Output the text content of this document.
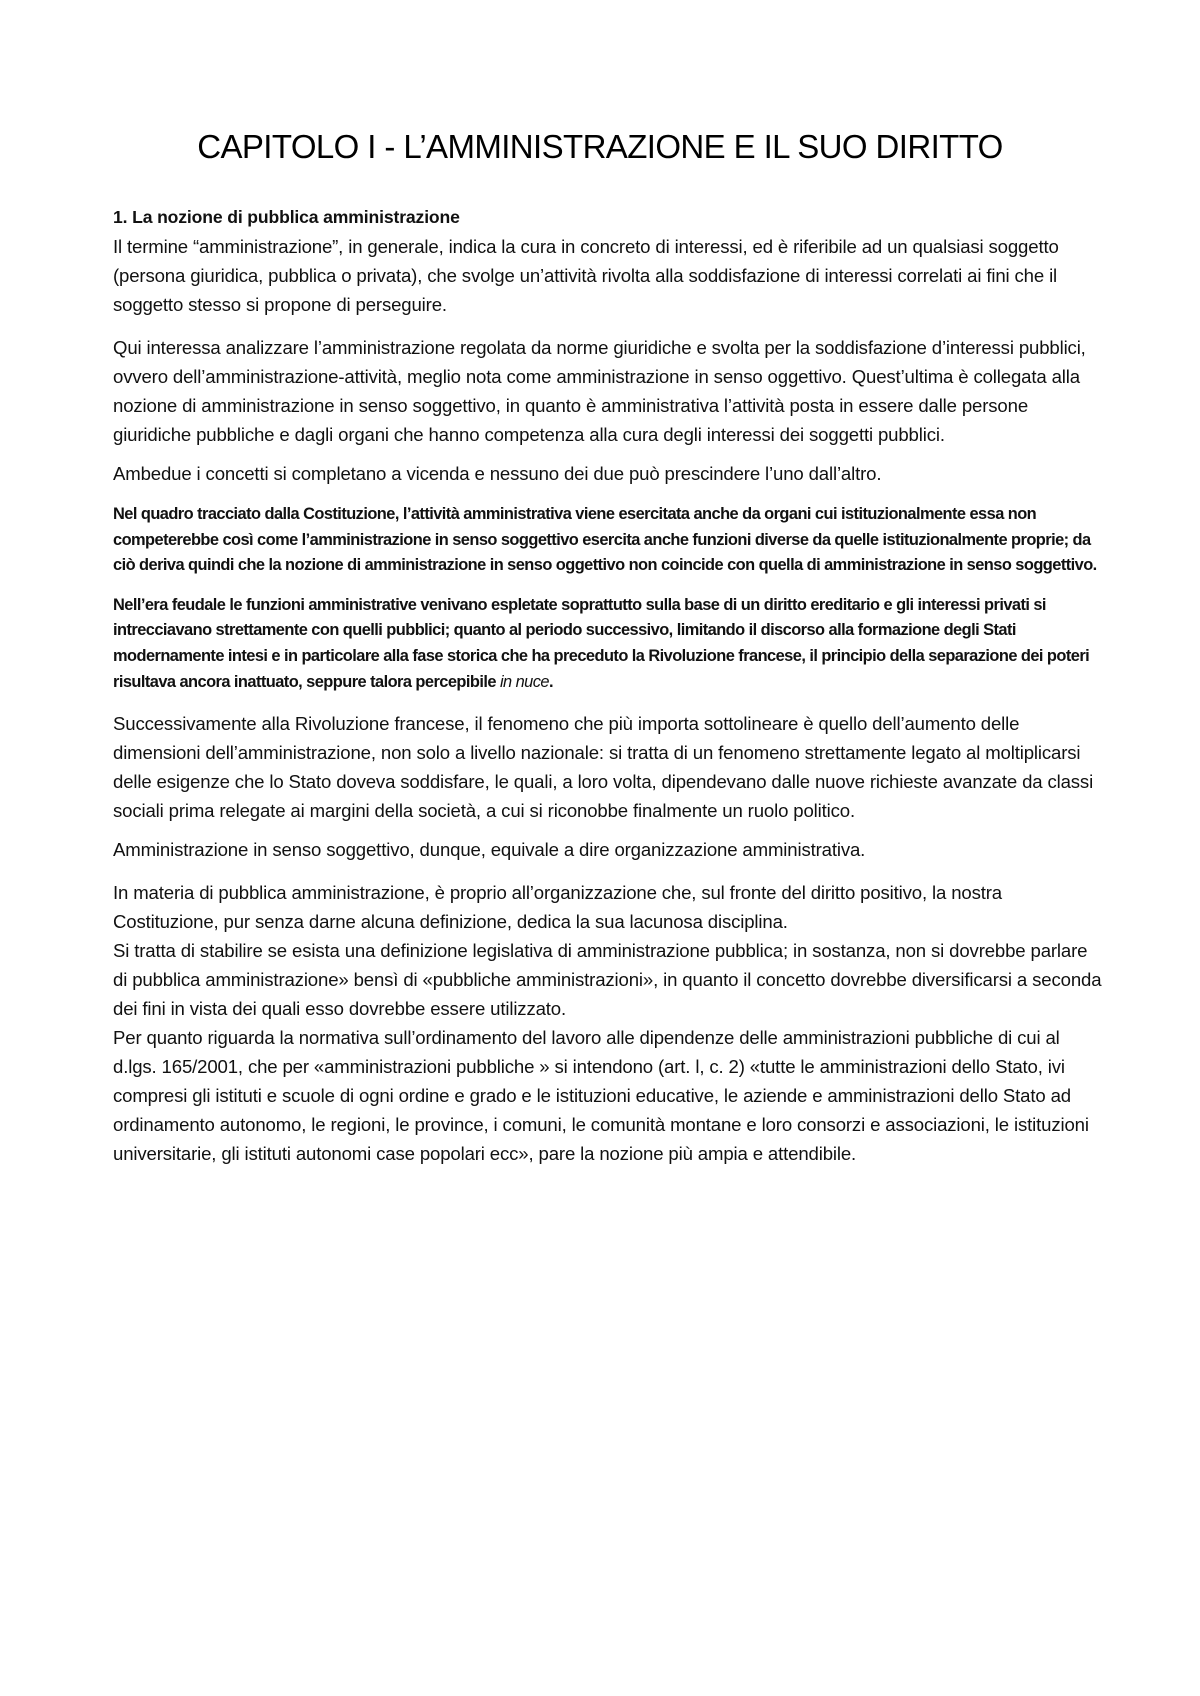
CAPITOLO I - L’AMMINISTRAZIONE E IL SUO DIRITTO

1. La nozione di pubblica amministrazione

Il termine “amministrazione”, in generale, indica la cura in concreto di interessi, ed è riferibile ad un qualsiasi soggetto (persona giuridica, pubblica o privata), che svolge un’attività rivolta alla soddisfazione di interessi correlati ai fini che il soggetto stesso si propone di perseguire.

Qui interessa analizzare l’amministrazione regolata da norme giuridiche e svolta per la soddisfazione d’interessi pubblici, ovvero dell’amministrazione-attività, meglio nota come amministrazione in senso oggettivo. Quest’ultima è collegata alla nozione di amministrazione in senso soggettivo, in quanto è amministrativa l’attività posta in essere dalle persone giuridiche pubbliche e dagli organi che hanno competenza alla cura degli interessi dei soggetti pubblici.

Ambedue i concetti si completano a vicenda e nessuno dei due può prescindere l’uno dall’altro.

Nel quadro tracciato dalla Costituzione, l’attività amministrativa viene esercitata anche da organi cui istituzionalmente essa non competerebbe così come l’amministrazione in senso soggettivo esercita anche funzioni diverse da quelle istituzionalmente proprie; da ciò deriva quindi che la nozione di amministrazione in senso oggettivo non coincide con quella di amministrazione in senso soggettivo.

Nell’era feudale le funzioni amministrative venivano espletate soprattutto sulla base di un diritto ereditario e gli interessi privati si intrecciavano strettamente con quelli pubblici; quanto al periodo successivo, limitando il discorso alla formazione degli Stati modernamente intesi e in particolare alla fase storica che ha preceduto la Rivoluzione francese, il principio della separazione dei poteri risultava ancora inattuato, seppure talora percepibile in nuce.

Successivamente alla Rivoluzione francese, il fenomeno che più importa sottolineare è quello dell’aumento delle dimensioni dell’amministrazione, non solo a livello nazionale: si tratta di un fenomeno strettamente legato al moltiplicarsi delle esigenze che lo Stato doveva soddisfare, le quali, a loro volta, dipendevano dalle nuove richieste avanzate da classi sociali prima relegate ai margini della società, a cui si riconobbe finalmente un ruolo politico.

Amministrazione in senso soggettivo, dunque, equivale a dire organizzazione amministrativa.

In materia di pubblica amministrazione, è proprio all’organizzazione che, sul fronte del diritto positivo, la nostra Costituzione, pur senza darne alcuna definizione, dedica la sua lacunosa disciplina.

Si tratta di stabilire se esista una definizione legislativa di amministrazione pubblica; in sostanza, non si dovrebbe parlare di pubblica amministrazione» bensì di «pubbliche amministrazioni», in quanto il concetto dovrebbe diversificarsi a seconda dei fini in vista dei quali esso dovrebbe essere utilizzato.

Per quanto riguarda la normativa sull’ordinamento del lavoro alle dipendenze delle amministrazioni pubbliche di cui al d.lgs. 165/2001, che per «amministrazioni pubbliche » si intendono (art. l, c. 2) «tutte le amministrazioni dello Stato, ivi compresi gli istituti e scuole di ogni ordine e grado e le istituzioni educative, le aziende e amministrazioni dello Stato ad ordinamento autonomo, le regioni, le province, i comuni, le comunità montane e loro consorzi e associazioni, le istituzioni universitarie, gli istituti autonomi case popolari ecc», pare la nozione più ampia e attendibile.
